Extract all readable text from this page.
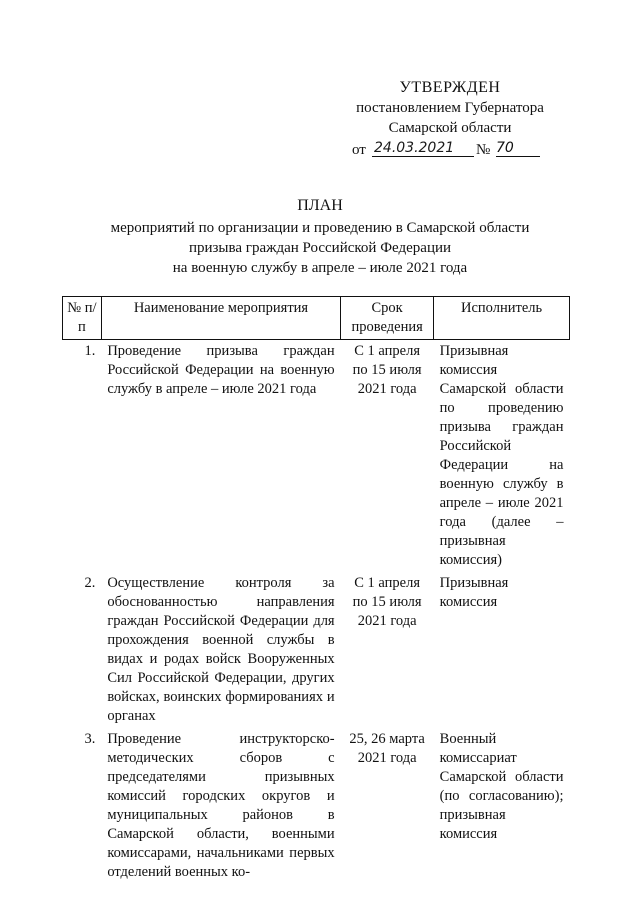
УТВЕРЖДЕН
постановлением Губернатора
Самарской области
от 24.03.2021	№ 70
ПЛАН
мероприятий по организации и проведению в Самарской области
призыва граждан Российской Федерации
на военную службу в апреле – июле 2021 года
№ п/п	Наименование мероприятия	Срок проведения	Исполнитель
1.	Проведение призыва граждан Российской Федерации на военную службу в апреле – июле 2021 года	С 1 апреля по 15 июля 2021 года	Призывная комиссия Самарской области по проведению призыва граждан Российской Федерации на военную службу в апреле – июле 2021 года (далее – призывная комиссия)
2.	Осуществление контроля за обоснованностью направления граждан Российской Федерации для прохождения военной службы в видах и родах войск Вооруженных Сил Российской Федерации, других войсках, воинских формированиях и органах	С 1 апреля по 15 июля 2021 года	Призывная комиссия
3.	Проведение инструкторско-методических сборов с председателями призывных комиссий городских округов и муниципальных районов в Самарской области, военными комиссарами, начальниками первых отделений военных ко-	25, 26 марта 2021 года	Военный комиссариат Самарской области (по согласованию); призывная комиссия
